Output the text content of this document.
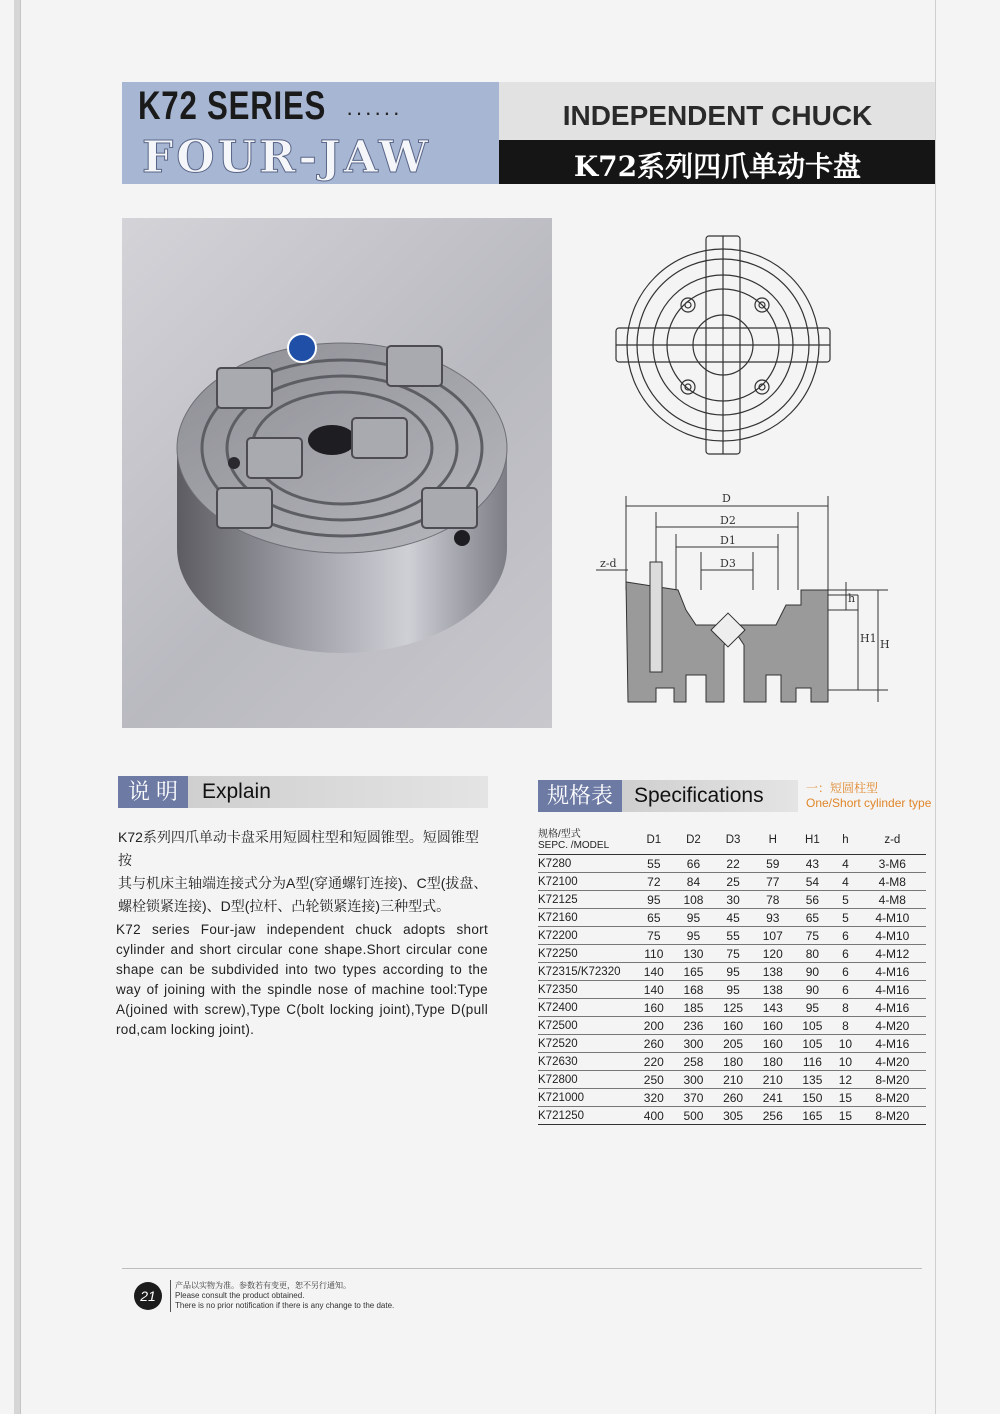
K72 SERIES ······
FOUR-JAW
INDEPENDENT CHUCK
K72系列四爪单动卡盘
D
D2
D1
D3
z-d
h
H1 H
说 明	Explain
K72系列四爪单动卡盘采用短圆柱型和短圆锥型。短圆锥型按
其与机床主轴端连接式分为A型(穿通螺钉连接)、C型(拔盘、
螺栓锁紧连接)、D型(拉杆、凸轮锁紧连接)三种型式。
K72 series Four-jaw independent chuck adopts short cylinder and short circular cone shape.Short circular cone shape can be subdivided into two types according to the way of joining with the spindle nose of machine tool:Type A(joined with screw),Type C(bolt locking joint),Type D(pull rod,cam locking joint).
规格表	Specifications	一：短圆柱型
One/Short cylinder type
规格/型式
SEPC. /MODEL	D1	D2	D3	H	H1	h	z-d
K7280	55	66	22	59	43	4	3-M6
K72100	72	84	25	77	54	4	4-M8
K72125	95	108	30	78	56	5	4-M8
K72160	65	95	45	93	65	5	4-M10
K72200	75	95	55	107	75	6	4-M10
K72250	110	130	75	120	80	6	4-M12
K72315/K72320	140	165	95	138	90	6	4-M16
K72350	140	168	95	138	90	6	4-M16
K72400	160	185	125	143	95	8	4-M16
K72500	200	236	160	160	105	8	4-M20
K72520	260	300	205	160	105	10	4-M16
K72630	220	258	180	180	116	10	4-M20
K72800	250	300	210	210	135	12	8-M20
K721000	320	370	260	241	150	15	8-M20
K721250	400	500	305	256	165	15	8-M20
21
产品以实物为准。参数若有变更，恕不另行通知。
Please consult the product obtained.
There is no prior notification if there is any change to the date.
